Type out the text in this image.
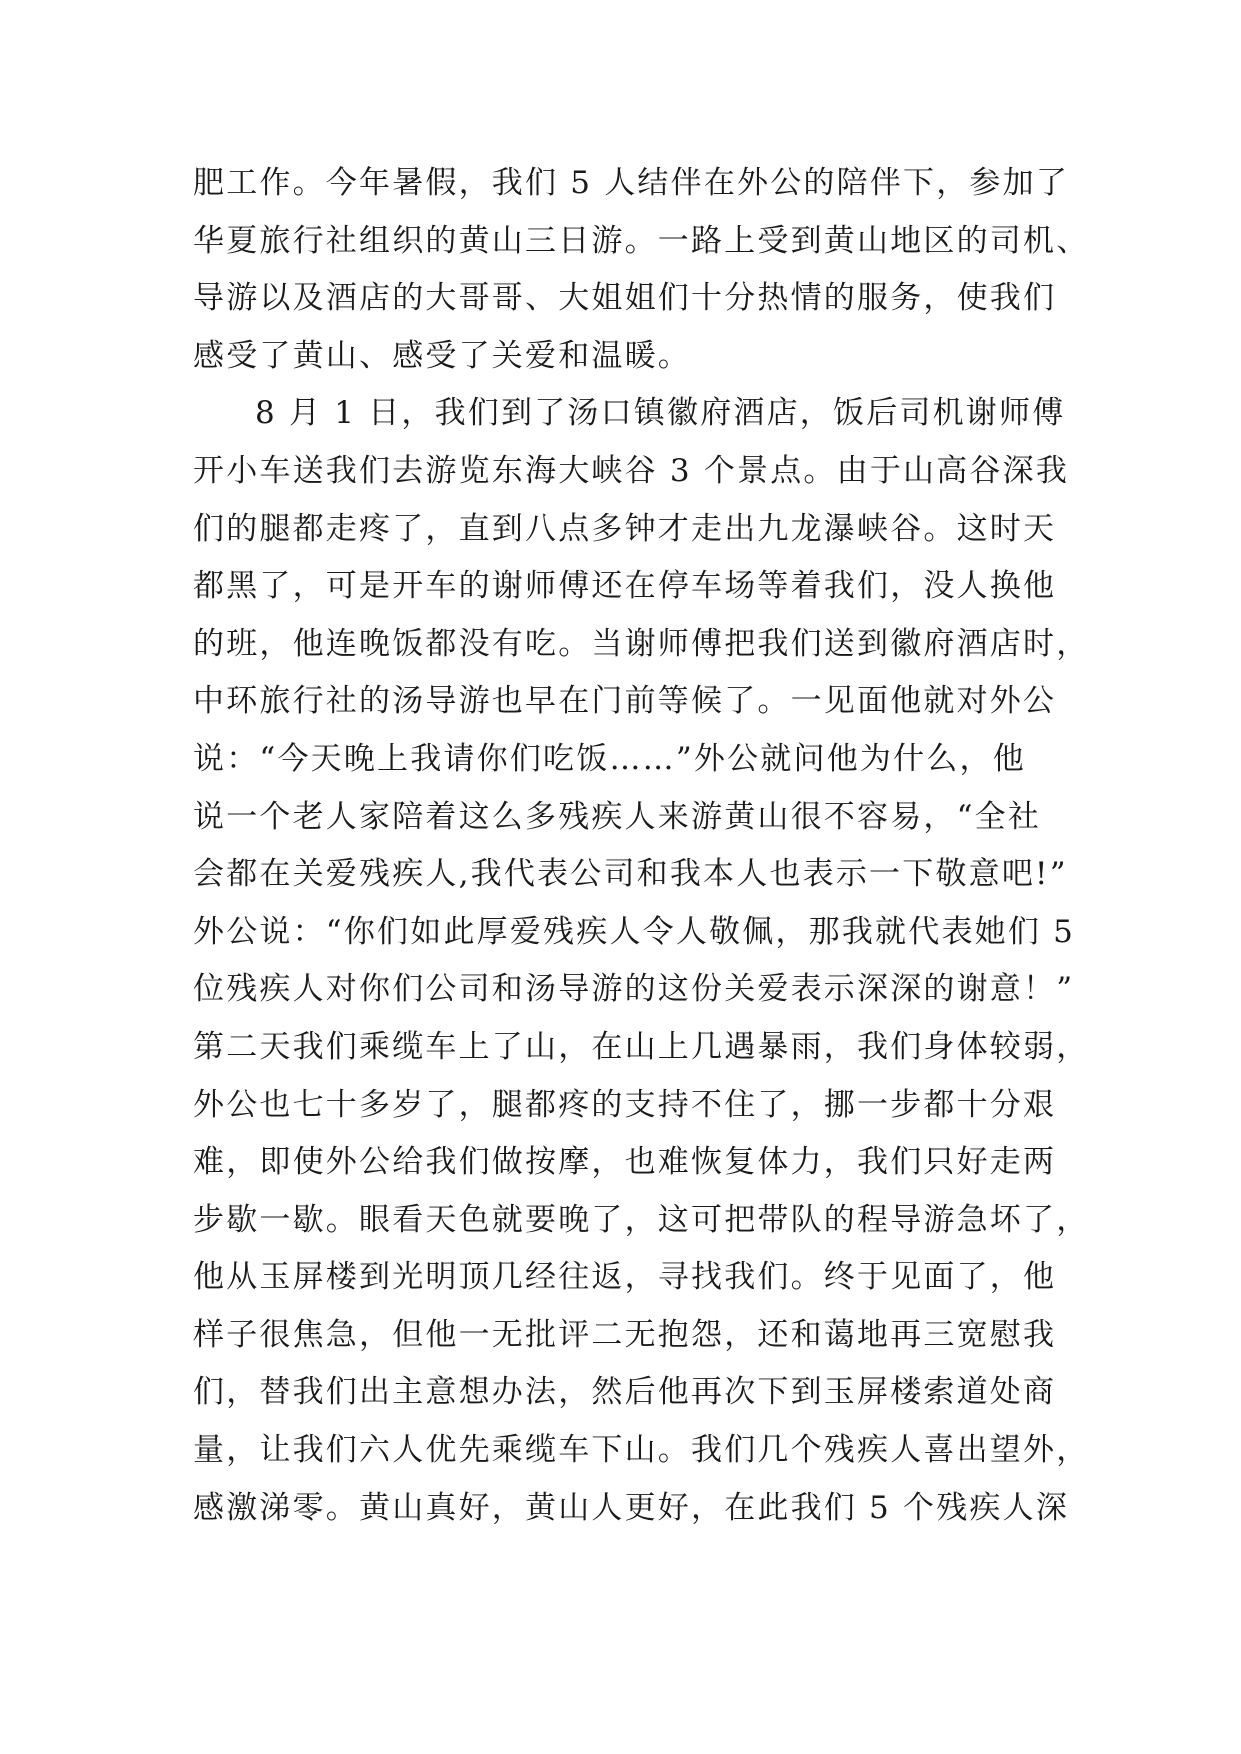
肥工作。今年暑假，我们 5 人结伴在外公的陪伴下，参加了
华夏旅行社组织的黄山三日游。一路上受到黄山地区的司机、
导游以及酒店的大哥哥、大姐姐们十分热情的服务，使我们
感受了黄山、感受了关爱和温暖。
8 月 1 日，我们到了汤口镇徽府酒店，饭后司机谢师傅
开小车送我们去游览东海大峡谷 3 个景点。由于山高谷深我
们的腿都走疼了，直到八点多钟才走出九龙瀑峡谷。这时天
都黑了，可是开车的谢师傅还在停车场等着我们，没人换他
的班，他连晚饭都没有吃。当谢师傅把我们送到徽府酒店时，
中环旅行社的汤导游也早在门前等候了。一见面他就对外公
说：“今天晚上我请你们吃饭……”外公就问他为什么，他
说一个老人家陪着这么多残疾人来游黄山很不容易，“全社
会都在关爱残疾人,我代表公司和我本人也表示一下敬意吧!”
外公说：“你们如此厚爱残疾人令人敬佩，那我就代表她们 5
位残疾人对你们公司和汤导游的这份关爱表示深深的谢意！”
第二天我们乘缆车上了山，在山上几遇暴雨，我们身体较弱，
外公也七十多岁了，腿都疼的支持不住了，挪一步都十分艰
难，即使外公给我们做按摩，也难恢复体力，我们只好走两
步歇一歇。眼看天色就要晚了，这可把带队的程导游急坏了，
他从玉屏楼到光明顶几经往返，寻找我们。终于见面了，他
样子很焦急，但他一无批评二无抱怨，还和蔼地再三宽慰我
们，替我们出主意想办法，然后他再次下到玉屏楼索道处商
量，让我们六人优先乘缆车下山。我们几个残疾人喜出望外，
感激涕零。黄山真好，黄山人更好，在此我们 5 个残疾人深
